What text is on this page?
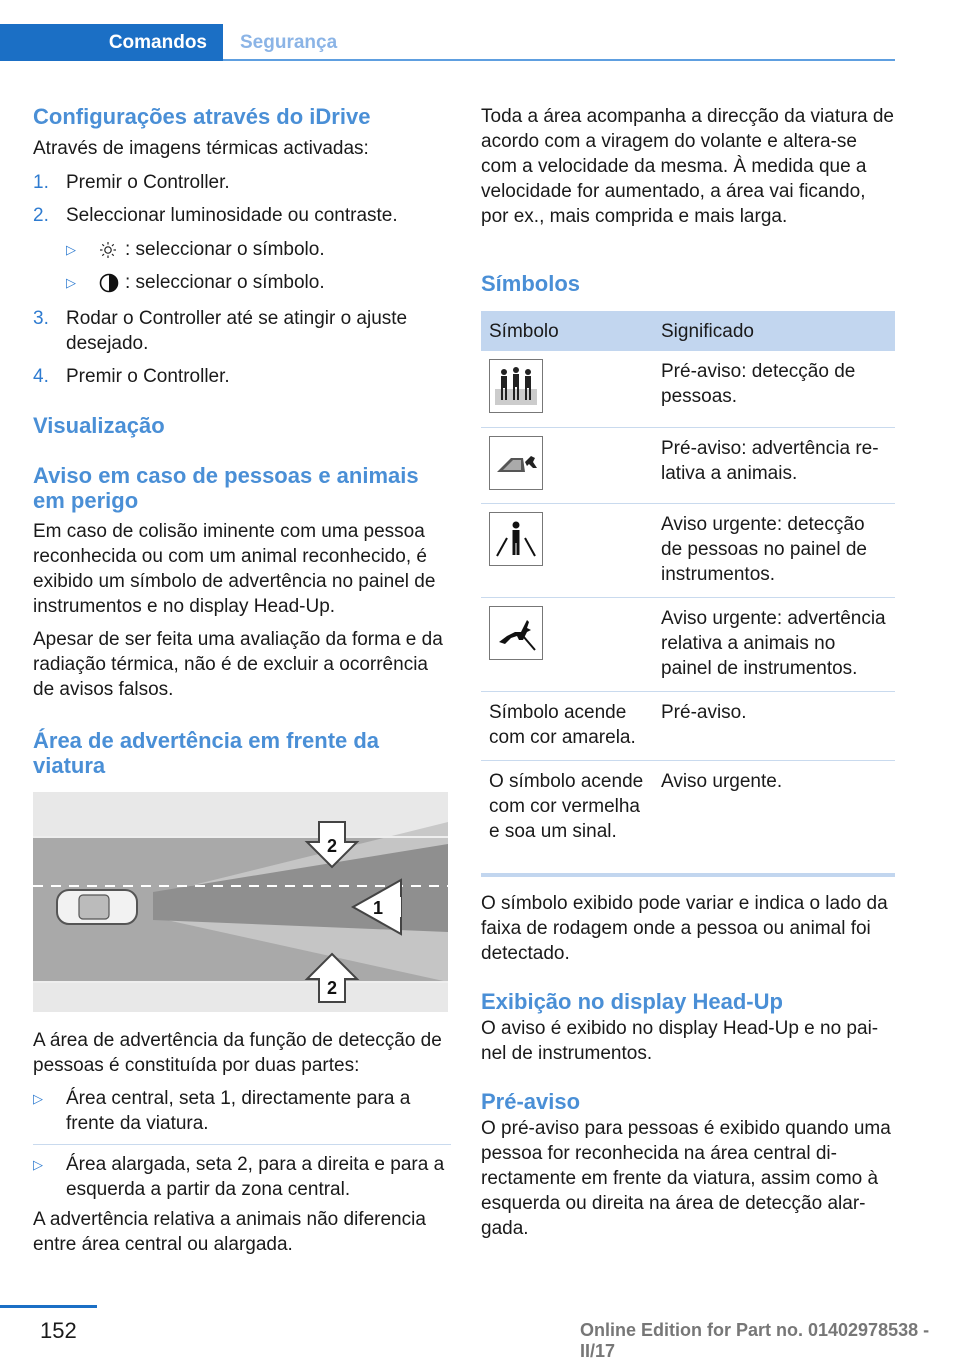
Comandos	Segurança
Configurações através do iDrive

Através de imagens térmicas activadas:

1. Premir o Controller.
2. Seleccionar luminosidade ou contraste.
▷	: seleccionar o símbolo.
▷	: seleccionar o símbolo.
3. Rodar o Controller até se atingir o ajuste desejado.
4. Premir o Controller.
Visualização
Aviso em caso de pessoas e animais em perigo

Em caso de colisão iminente com uma pessoa reconhecida ou com um animal reconhecido, é exibido um símbolo de advertência no painel de instrumentos e no display Head-Up.

Apesar de ser feita uma avaliação da forma e da radiação térmica, não é de excluir a ocorrência de avisos falsos.

Área de advertência em frente da viatura
2
1
2

A área de advertência da função de detecção de pessoas é constituída por duas partes:

▷	Área central, seta 1, directamente para a frente da viatura.
▷	Área alargada, seta 2, para a direita e para a esquerda a partir da zona central.

A advertência relativa a animais não diferencia entre área central ou alargada.

Toda a área acompanha a direcção da viatura de acordo com a viragem do volante e altera-se com a velocidade da mesma. À medida que a velocidade for aumentado, a área vai ficando, por ex., mais comprida e mais larga.

Símbolos
Símbolo	Significado

	Pré-aviso: detecção de pessoas.

	Pré-aviso: advertência relativa a animais.

	Aviso urgente: detecção de pessoas no painel de instrumentos.

	Aviso urgente: advertência relativa a animais no painel de instrumentos.
Símbolo acende com cor amarela.	Pré-aviso.
O símbolo acende com cor vermelha e soa um sinal.	Aviso urgente.

O símbolo exibido pode variar e indica o lado da faixa de rodagem onde a pessoa ou animal foi detectado.

Exibição no display Head-Up

O aviso é exibido no display Head-Up e no painel de instrumentos.

Pré-aviso

O pré-aviso para pessoas é exibido quando uma pessoa for reconhecida na área central directamente em frente da viatura, assim como à esquerda ou direita na área de detecção alargada.

152	Online Edition for Part no. 01402978538 - II/17
